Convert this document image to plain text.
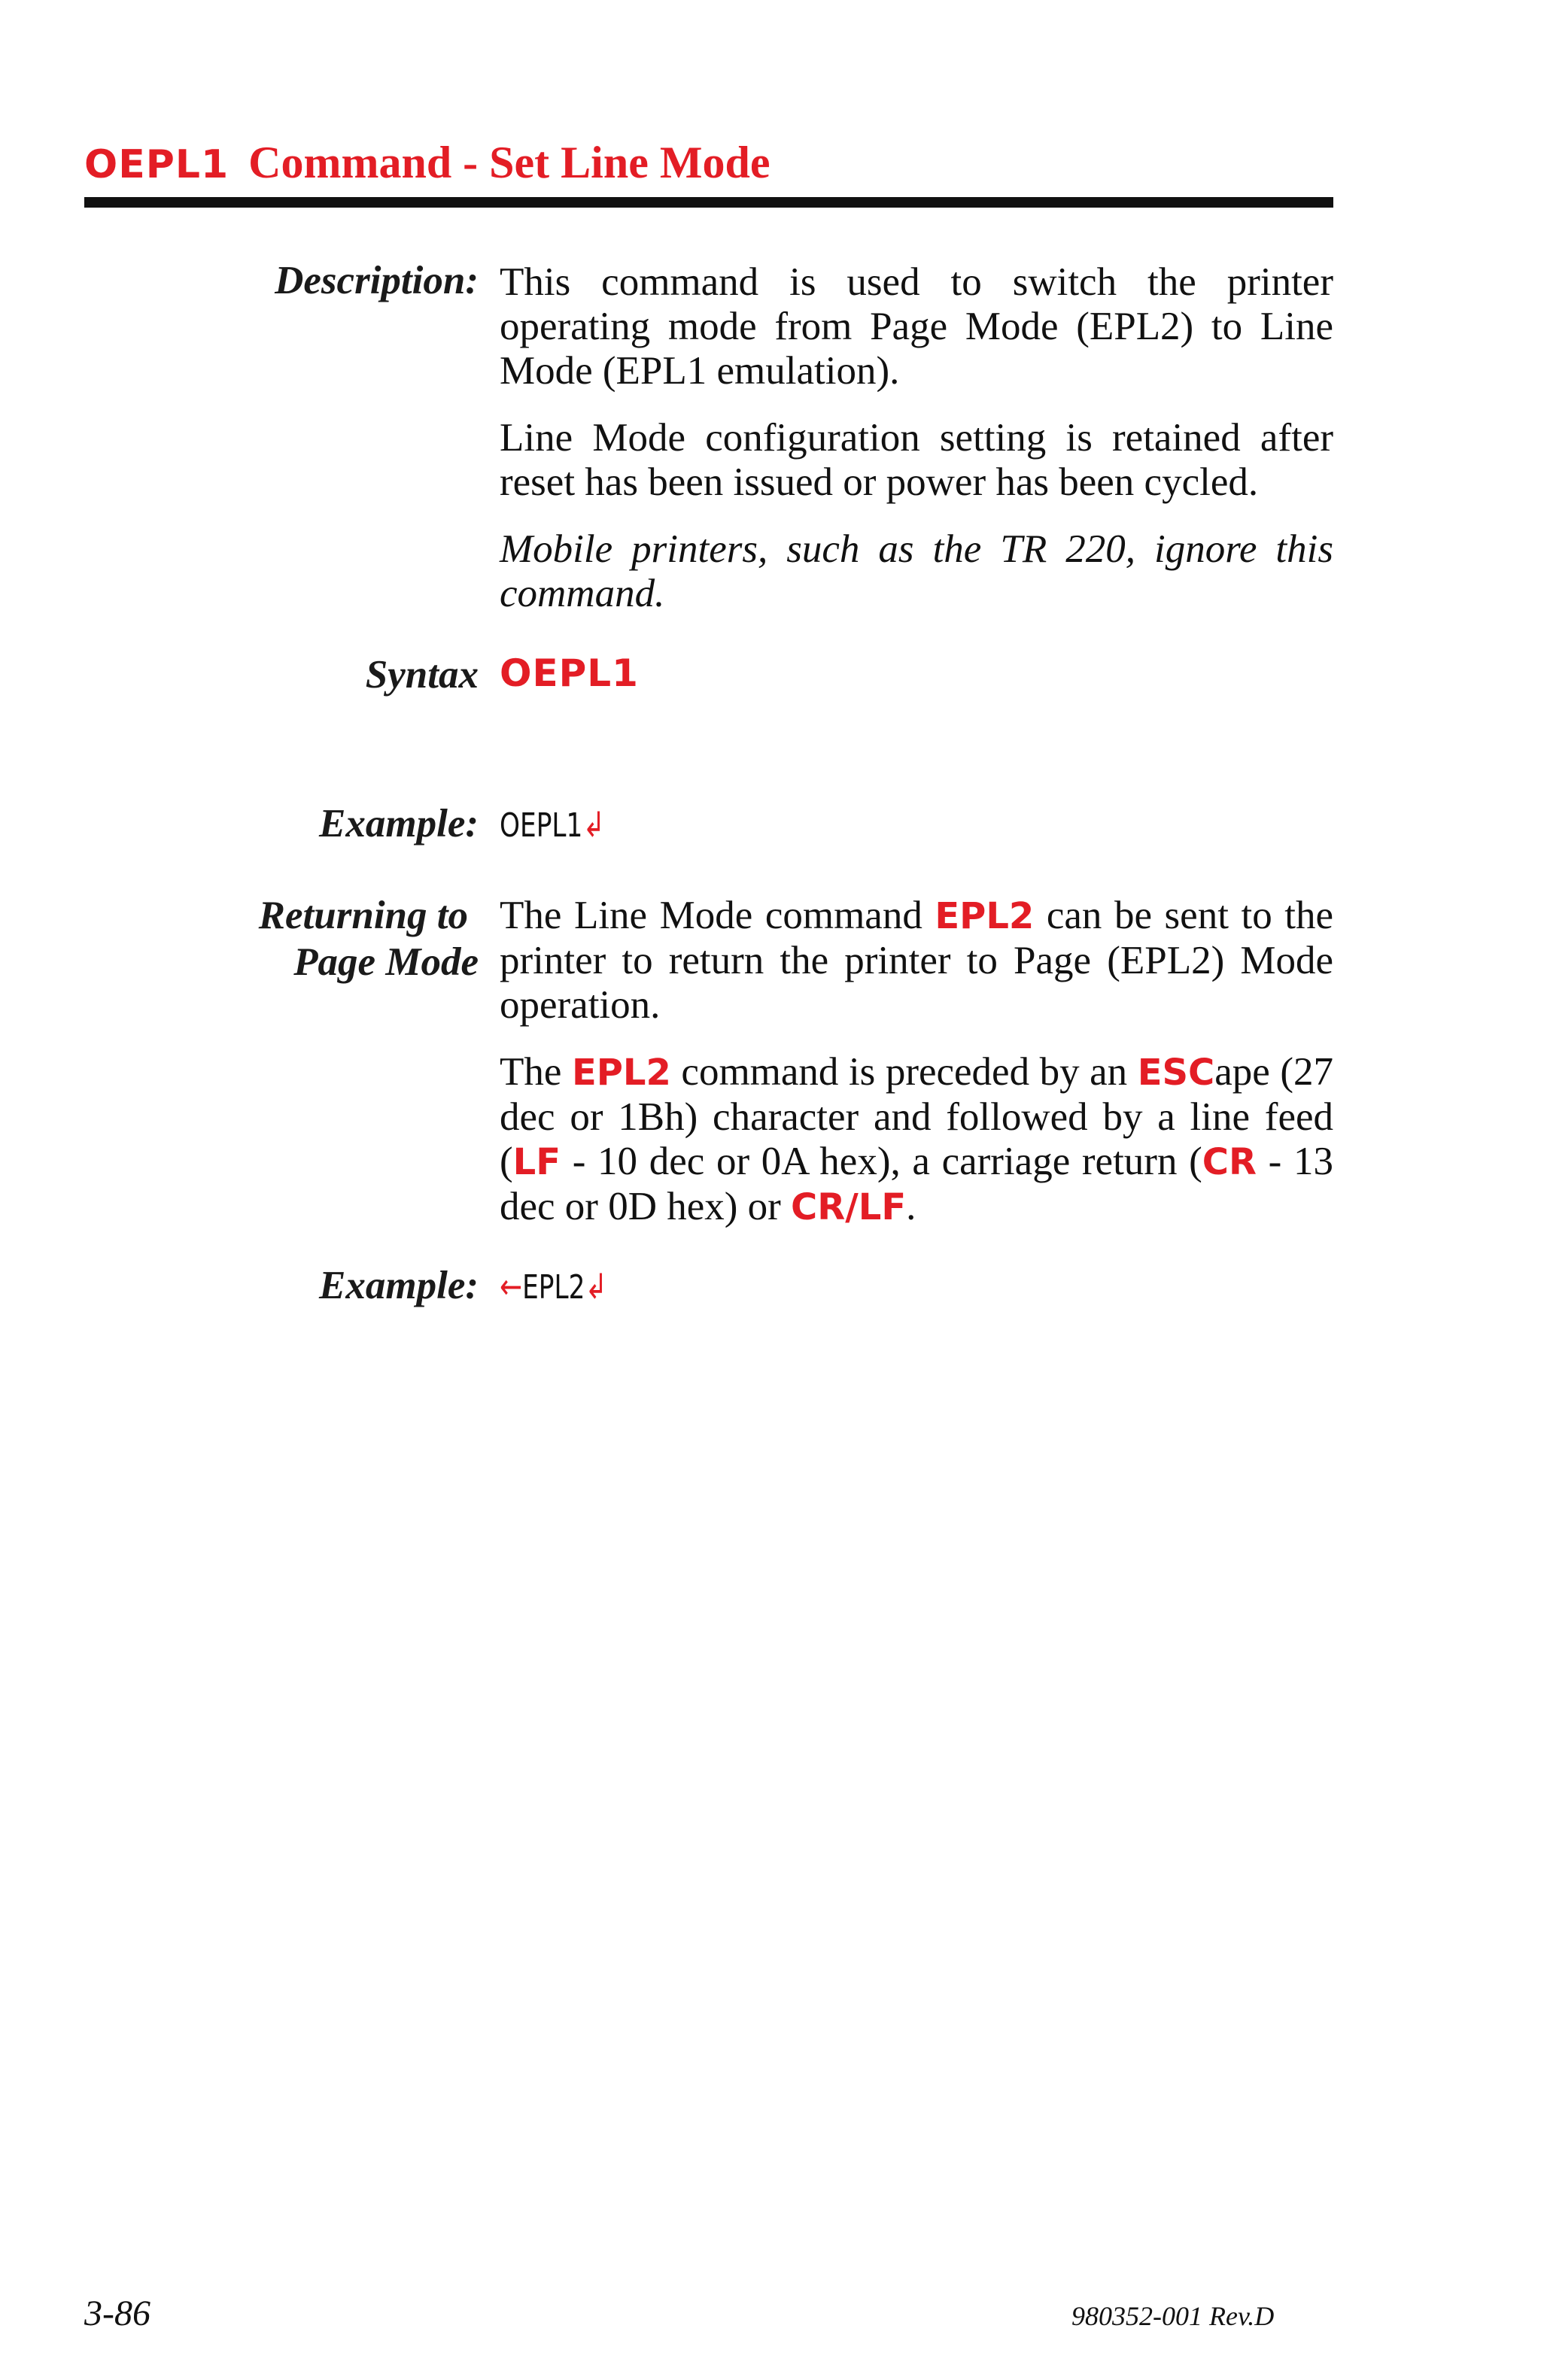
OEPL1 Command - Set Line Mode
Description: This command is used to switch the printer operating mode from Page Mode (EPL2) to Line Mode (EPL1 emulation).

Line Mode configuration setting is retained after reset has been issued or power has been cycled.

Mobile printers, such as the TR 220, ignore this command.

Syntax OEPL1
Example: OEPL1↲
Returning to
Page Mode

The Line Mode command EPL2 can be sent to the printer to return the printer to Page (EPL2) Mode operation.

The EPL2 command is preceded by an ESCape (27 dec or 1Bh) character and followed by a line feed (LF - 10 dec or 0A hex), a carriage return (CR - 13 dec or 0D hex) or CR/LF.

Example: ←EPL2↲
3-86	980352-001 Rev.D
